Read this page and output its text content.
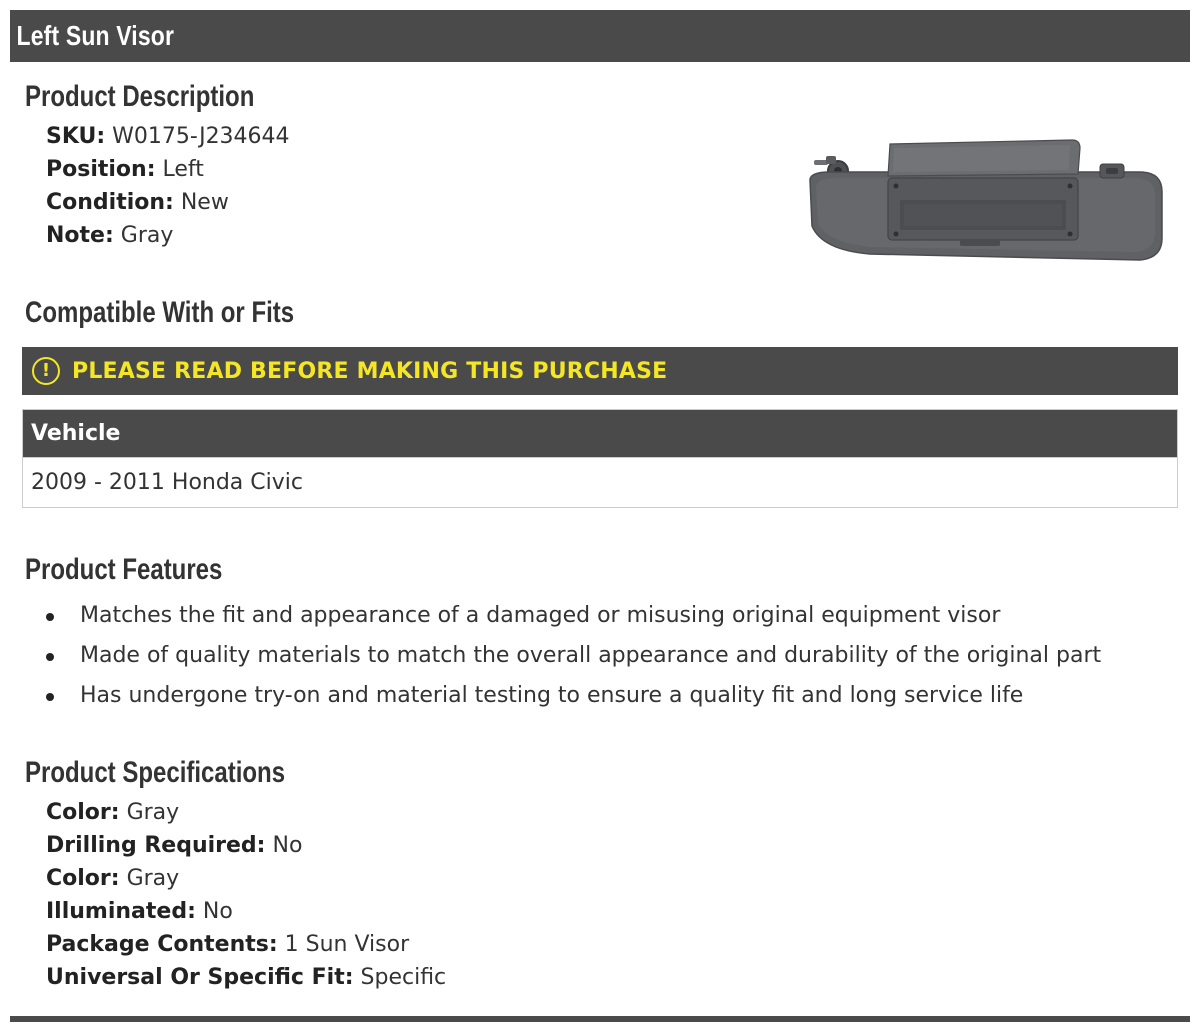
Left Sun Visor
Product Description
SKU: W0175-J234644
Position: Left
Condition: New
Note: Gray
Compatible With or Fits
! PLEASE READ BEFORE MAKING THIS PURCHASE
Vehicle
2009 - 2011 Honda Civic
Product Features
Matches the fit and appearance of a damaged or misusing original equipment visor
Made of quality materials to match the overall appearance and durability of the original part
Has undergone try-on and material testing to ensure a quality fit and long service life
Product Specifications
Color: Gray
Drilling Required: No
Color: Gray
Illuminated: No
Package Contents: 1 Sun Visor
Universal Or Specific Fit: Specific
